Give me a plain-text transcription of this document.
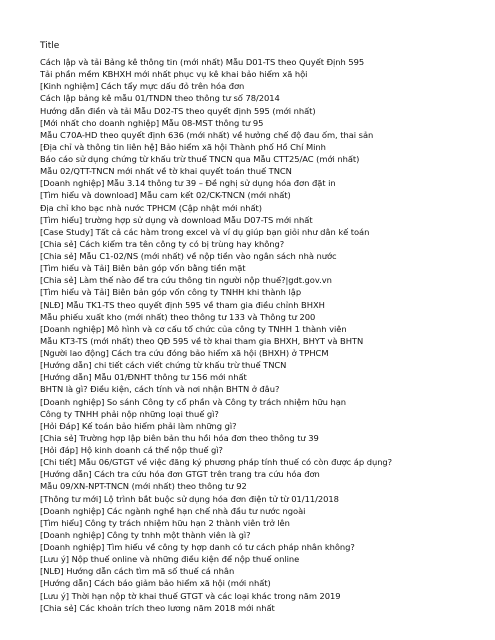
Title
Cách lập và tải Bảng kê thông tin (mới nhất) Mẫu D01-TS theo Quyết Định 595
Tải phần mềm KBHXH mới nhất phục vụ kê khai bảo hiểm xã hội
[Kinh nghiệm] Cách tẩy mực dấu đỏ trên hóa đơn
Cách lập bảng kê mẫu 01/TNDN theo thông tư số 78/2014
Hướng dẫn điền và tải Mẫu D02-TS theo quyết định 595 (mới nhất)
[Mới nhất cho doanh nghiệp] Mẫu 08-MST thông tư 95
Mẫu C70A-HD theo quyết định 636 (mới nhất) về hưởng chế độ đau ốm, thai sản
[Địa chỉ và thông tin liên hệ] Bảo hiểm xã hội Thành phố Hồ Chí Minh
Báo cáo sử dụng chứng từ khấu trừ thuế TNCN qua Mẫu CTT25/AC (mới nhất)
Mẫu 02/QTT-TNCN mới nhất về tờ khai quyết toán thuế TNCN
[Doanh nghiệp] Mẫu 3.14 thông tư 39 – Đề nghị sử dụng hóa đơn đặt in
[Tìm hiểu và download] Mẫu cam kết 02/CK-TNCN (mới nhất)
Địa chỉ kho bạc nhà nước TPHCM (Cập nhật mới nhất)
[Tìm hiểu] trường hợp sử dụng và download Mẫu D07-TS mới nhất
[Case Study] Tất cả các hàm trong excel và ví dụ giúp bạn giỏi như dân kế toán
[Chia sẻ] Cách kiểm tra tên công ty có bị trùng hay không?
[Chia sẻ] Mẫu C1-02/NS (mới nhất) về nộp tiền vào ngân sách nhà nước
[Tìm hiểu và Tải] Biên bản góp vốn bằng tiền mặt
[Chia sẻ] Làm thế nào để tra cứu thông tin người nộp thuế?|gdt.gov.vn
[Tìm hiểu và Tải] Biên bản góp vốn công ty TNHH khi thành lập
[NLĐ] Mẫu TK1-TS theo quyết định 595 về tham gia điều chỉnh BHXH
Mẫu phiếu xuất kho (mới nhất) theo thông tư 133 và Thông tư 200
[Doanh nghiệp] Mô hình và cơ cấu tổ chức của công ty TNHH 1 thành viên
Mẫu KT3-TS (mới nhất) theo QĐ 595 về tờ khai tham gia BHXH, BHYT và BHTN
[Người lao động] Cách tra cứu đóng bảo hiểm xã hội (BHXH) ở TPHCM
[Hướng dẫn] chi tiết cách viết chứng từ khấu trừ thuế TNCN
[Hướng dẫn] Mẫu 01/ĐNHT thông tư 156 mới nhất
BHTN là gì? Điều kiện, cách tính và nơi nhận BHTN ở đâu?
[Doanh nghiệp] So sánh Công ty cổ phần và Công ty trách nhiệm hữu hạn
Công ty TNHH phải nộp những loại thuế gì?
[Hỏi Đáp] Kế toán bảo hiểm phải làm những gì?
[Chia sẻ] Trường hợp lập biên bản thu hồi hóa đơn theo thông tư 39
[Hỏi đáp] Hộ kinh doanh cá thể nộp thuế gì?
[Chi tiết] Mẫu 06/GTGT về việc đăng ký phương pháp tính thuế có còn được áp dụng?
[Hướng dẫn] Cách tra cứu hóa đơn GTGT trên trang tra cứu hóa đơn
Mẫu 09/XN-NPT-TNCN (mới nhất) theo thông tư 92
[Thông tư mới] Lộ trình bắt buộc sử dụng hóa đơn điện tử từ 01/11/2018
[Doanh nghiệp] Các ngành nghề hạn chế nhà đầu tư nước ngoài
[Tìm hiểu] Công ty trách nhiệm hữu hạn 2 thành viên trở lên
[Doanh nghiệp] Công ty tnhh một thành viên là gì?
[Doanh nghiệp] Tìm hiểu về công ty hợp danh có tư cách pháp nhân không?
[Lưu ý] Nộp thuế online và những điều kiện để nộp thuế online
[NLĐ] Hướng dẫn cách tìm mã số thuế cá nhân
[Hướng dẫn] Cách báo giảm bảo hiểm xã hội (mới nhất)
[Lưu ý] Thời hạn nộp tờ khai thuế GTGT và các loại khác trong năm 2019
[Chia sẻ] Các khoản trích theo lương năm 2018 mới nhất
